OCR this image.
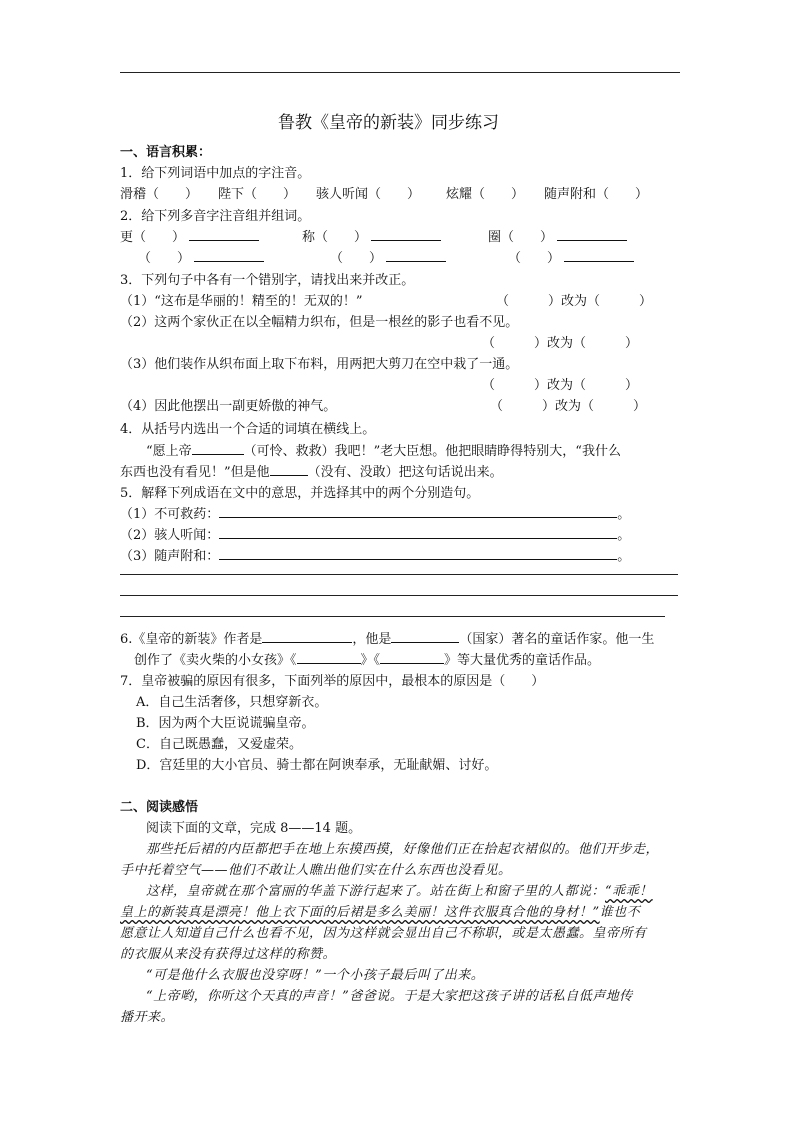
鲁教《皇帝的新装》同步练习
一、语言积累：
1．给下列词语中加点的字注音。
滑稽（　　） 陛下（　　） 骇人听闻（　　） 炫耀（　　） 随声附和（　　）
2．给下列多音字注音组并组词。
更（　　）	称（　　）	圈（　　）
（　　）	（　　）	（　　）
3．下列句子中各有一个错别字，请找出来并改正。
（1）“这布是华丽的！精至的！无双的！”	（　　　）改为（　　　）
（2）这两个家伙正在以全幅精力织布，但是一根丝的影子也看不见。
（　　　）改为（　　　）
（3）他们装作从织布面上取下布料，用两把大剪刀在空中栽了一通。
（　　　）改为（　　　）
（4）因此他摆出一副更娇傲的神气。	（　　　）改为（　　　）
4．从括号内选出一个合适的词填在横线上。
“愿上帝	（可怜、救救）我吧！”老大臣想。他把眼睛睁得特别大，“我什么
东西也没有看见！”但是他	（没有、没敢）把这句话说出来。
5．解释下列成语在文中的意思，并选择其中的两个分别造句。
（1）不可救药：	。
（2）骇人听闻：	。
（3）随声附和：	。
6.《皇帝的新装》作者是	，他是	（国家）著名的童话作家。他一生
创作了《卖火柴的小女孩》《	》《	》等大量优秀的童话作品。
7．皇帝被骗的原因有很多，下面列举的原因中，最根本的原因是（　　）
A．自己生活奢侈，只想穿新衣。
B．因为两个大臣说谎骗皇帝。
C．自己既愚蠢，又爱虚荣。
D．宫廷里的大小官员、骑士都在阿谀奉承，无耻献媚、讨好。
二、阅读感悟
阅读下面的文章，完成 8——14 题。
那些托后裙的内臣都把手在地上东摸西摸，好像他们正在拾起衣裙似的。他们开步走，
手中托着空气——他们不敢让人瞧出他们实在什么东西也没看见。
这样，皇帝就在那个富丽的华盖下游行起来了。站在街上和窗子里的人都说：“乖乖！
皇上的新装真是漂亮！他上衣下面的后裙是多么美丽！这件衣服真合他的身材！”谁也不
愿意让人知道自己什么也看不见，因为这样就会显出自己不称职，或是太愚蠢。皇帝所有
的衣服从来没有获得过这样的称赞。
“可是他什么衣服也没穿呀！”一个小孩子最后叫了出来。
“上帝哟，你听这个天真的声音！”爸爸说。于是大家把这孩子讲的话私自低声地传
播开来。
